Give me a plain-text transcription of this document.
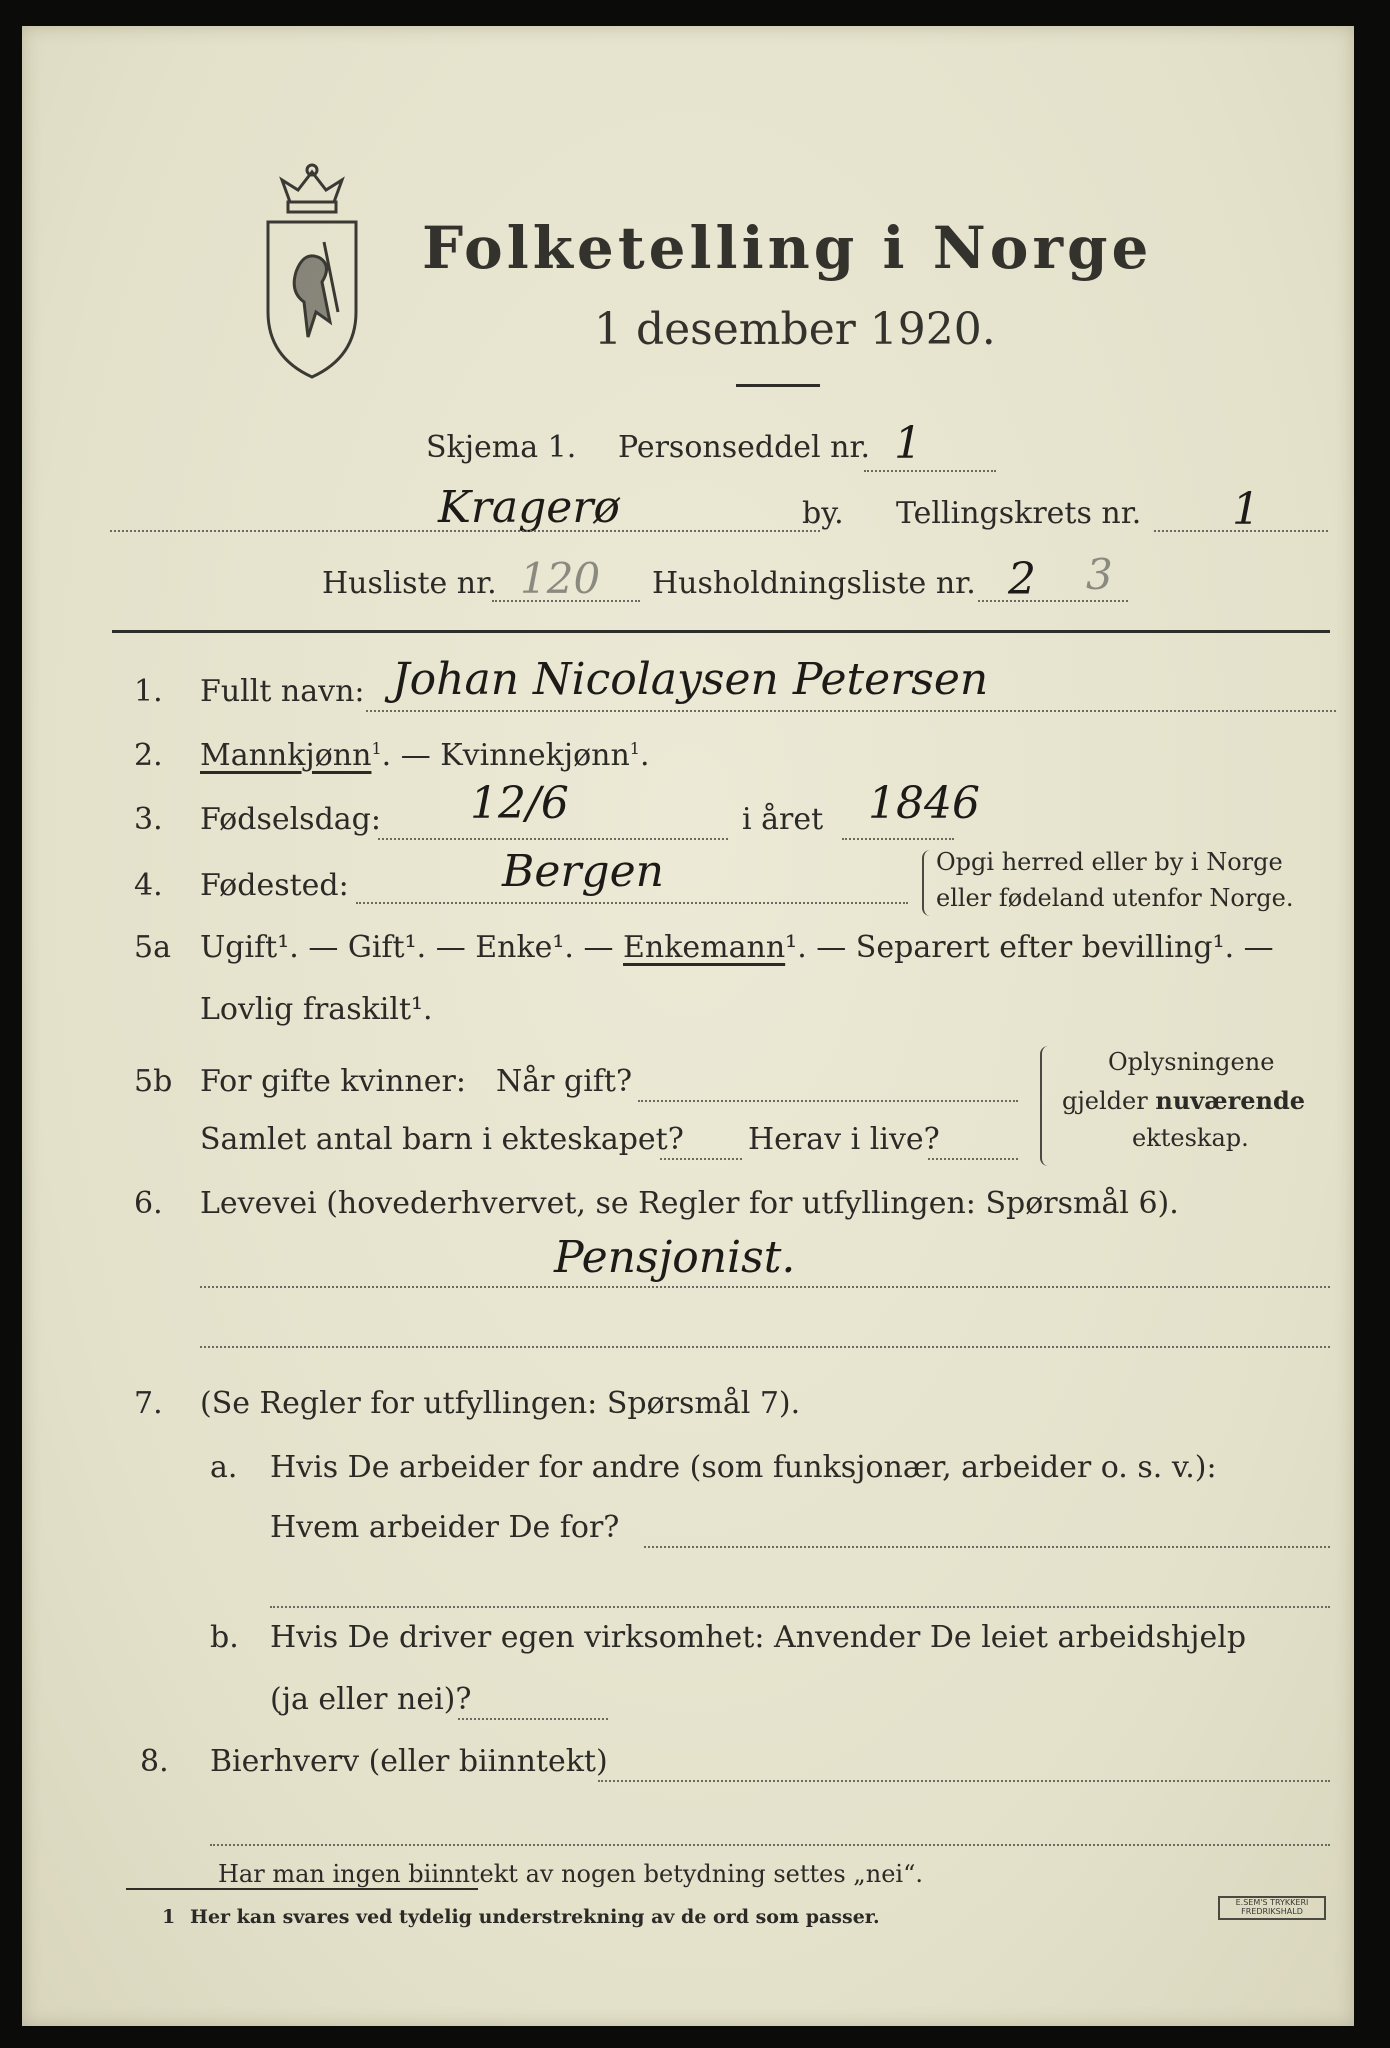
Folketelling i Norge
1 desember 1920.
Skjema 1. Personseddel nr. 1
Kragerø	by. Tellingskrets nr. 1
Husliste nr. 120 Husholdningsliste nr. 2 3
1. Fullt navn: Johan Nicolaysen Petersen
2. Mannkjønn$^1$. — Kvinnekjønn$^1$.
3. Fødselsdag: 12/6	i året 1846
4. Fødested:	Bergen	Opgi herred eller by i Norge
eller fødeland utenfor Norge.
5a Ugift¹. — Gift¹. — Enke¹. — Enkemann¹. — Separert efter bevilling¹. —
Lovlig fraskilt¹.
5b For gifte kvinner: Når gift?
Samlet antal barn i ekteskapet? Herav i live?
Oplysningene
gjelder nuværende
ekteskap.
6. Levevei (hovederhvervet, se Regler for utfyllingen: Spørsmål 6).
Pensjonist.
7. (Se Regler for utfyllingen: Spørsmål 7).
a. Hvis De arbeider for andre (som funksjonær, arbeider o. s. v.):
Hvem arbeider De for?
b. Hvis De driver egen virksomhet: Anvender De leiet arbeidshjelp
(ja eller nei)?
8. Bierhverv (eller biinntekt)
Har man ingen biinntekt av nogen betydning settes „nei“.
1 Her kan svares ved tydelig understrekning av de ord som passer.
E.SEM'S TRYKKERI
FREDRIKSHALD
